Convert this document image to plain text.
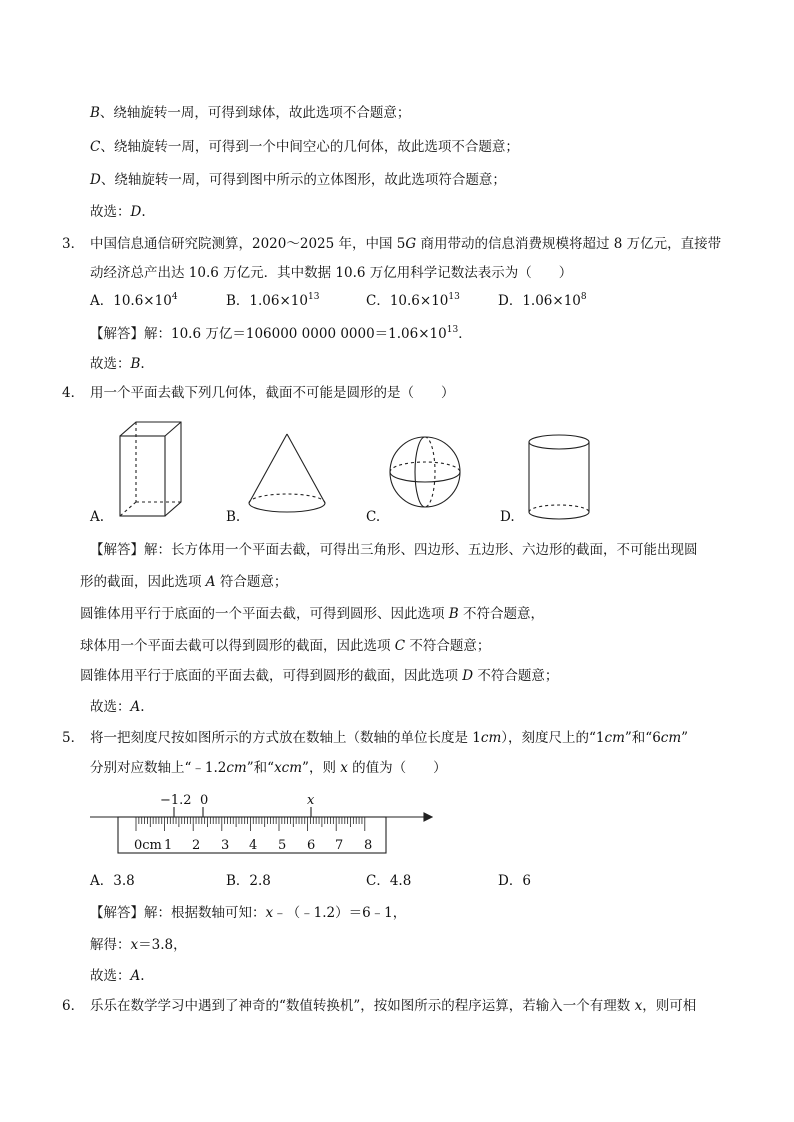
B、绕轴旋转一周，可得到球体，故此选项不合题意；
C、绕轴旋转一周，可得到一个中间空心的几何体，故此选项不合题意；
D、绕轴旋转一周，可得到图中所示的立体图形，故此选项符合题意；
故选：D.
3． 中国信息通信研究院测算，2020～2025 年，中国 5G 商用带动的信息消费规模将超过 8 万亿元，直接带
动经济总产出达 10.6 万亿元．其中数据 10.6 万亿用科学记数法表示为（　　）
A．$10.6\times 10^4$	B．$1.06\times 10^{13}$	C．$10.6\times 10^{13}$	D．$1.06\times 10^8$
【解答】解：10.6 万亿＝106000 0000 $0000=1.06\times 10^{13}$．
故选：B.
4． 用一个平面去截下列几何体，截面不可能是圆形的是（　　）
A.	B.	C.	D.
【解答】解：长方体用一个平面去截，可得出三角形、四边形、五边形、六边形的截面，不可能出现圆
形的截面，因此选项 A 符合题意；
圆锥体用平行于底面的一个平面去截，可得到圆形、因此选项 B 不符合题意，
球体用一个平面去截可以得到圆形的截面，因此选项 C 不符合题意；
圆锥体用平行于底面的平面去截，可得到圆形的截面，因此选项 D 不符合题意；
故选：A.
5． 将一把刻度尺按如图所示的方式放在数轴上（数轴的单位长度是 1cm），刻度尺上的“1cm”和“6cm”
分别对应数轴上“﹣1.2cm”和“xcm”，则 x 的值为（　　）
−1.2 0	x
0cm 1 2 3 4 5 6 7 8
A．3.8	B．2.8	C．4.8	D．6
【解答】解：根据数轴可知：x﹣（﹣1.2）＝6﹣1，
解得：x＝3.8，
故选：A.
6． 乐乐在数学学习中遇到了神奇的“数值转换机”，按如图所示的程序运算，若输入一个有理数 x，则可相
